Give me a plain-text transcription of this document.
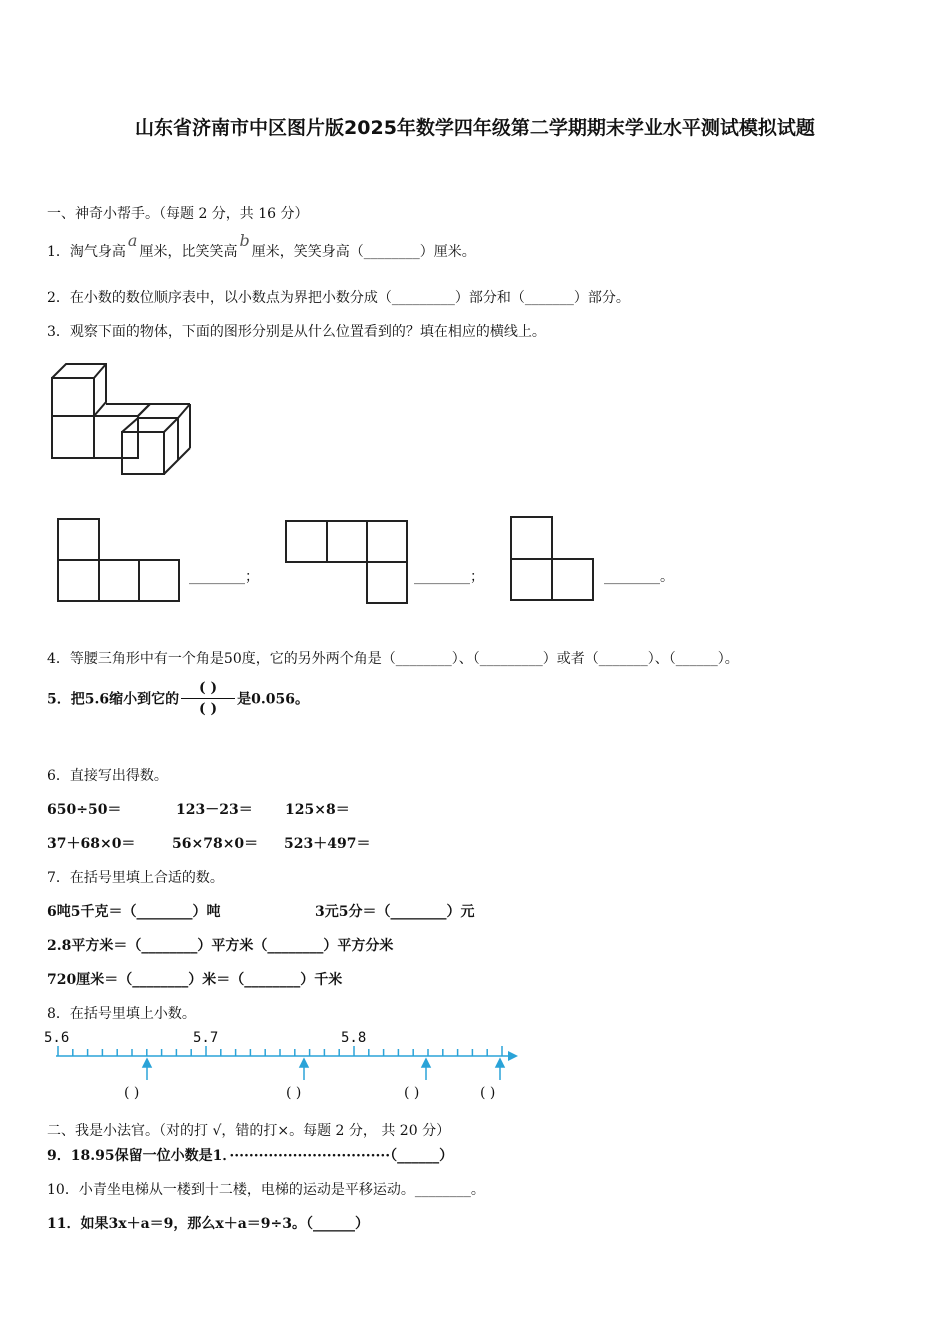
山东省济南市中区图片版2025年数学四年级第二学期期末学业水平测试模拟试题
一、神奇小帮手。（每题 2 分，共 16 分）
1．淘气身高a厘米，比笑笑高b厘米，笑笑身高（________）厘米。
2．在小数的数位顺序表中，以小数点为界把小数分成（_________）部分和（_______）部分。
3．观察下面的物体，下面的图形分别是从什么位置看到的？填在相应的横线上。
________；	________；	________。
4．等腰三角形中有一个角是50度，它的另外两个角是（________）、（_________）或者（_______）、（______）。
5．把5.6缩小到它的 $\frac{( )}{( )}$ 是0.056。
6．直接写出得数。
650÷50＝	123－23＝ 125×8＝
37＋68×0＝	56×78×0＝ 523＋497＝
7．在括号里填上合适的数。
6吨5千克＝（________）吨	3元5分＝（________）元
2.8平方米＝（________）平方米（________）平方分米
720厘米＝（________）米＝（________）千米
8．在括号里填上小数。
5.6	5.7	5.8
( )	( )	( )	( )
二、我是小法官。（对的打 √，错的打×。每题 2 分， 共 20 分）
9．18.95保留一位小数是1．·································（______）
10．小青坐电梯从一楼到十二楼，电梯的运动是平移运动。________。
11．如果3x＋a＝9，那么x＋a＝9÷3。（______）
